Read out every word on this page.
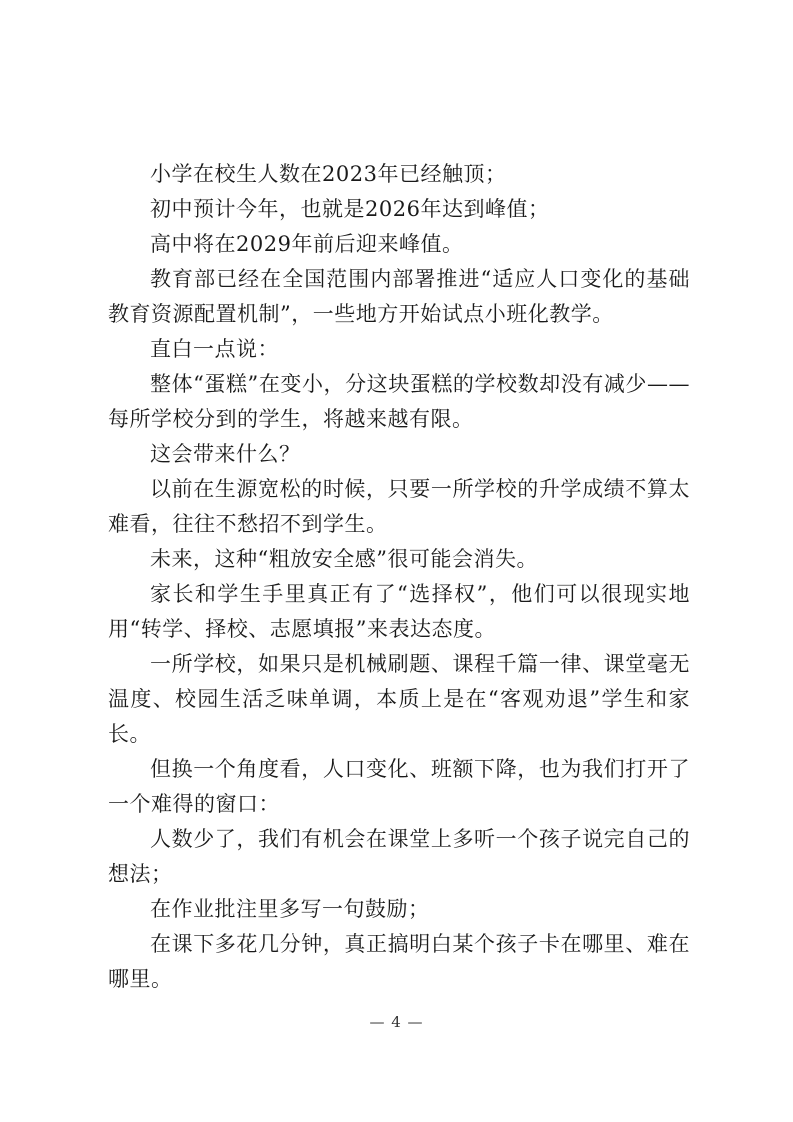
小学在校生人数在2023年已经触顶；

初中预计今年，也就是2026年达到峰值；

高中将在2029年前后迎来峰值。

教育部已经在全国范围内部署推进“适应人口变化的基础教育资源配置机制”，一些地方开始试点小班化教学。

直白一点说：

整体“蛋糕”在变小，分这块蛋糕的学校数却没有减少——每所学校分到的学生，将越来越有限。

这会带来什么？

以前在生源宽松的时候，只要一所学校的升学成绩不算太难看，往往不愁招不到学生。

未来，这种“粗放安全感”很可能会消失。

家长和学生手里真正有了“选择权”，他们可以很现实地用“转学、择校、志愿填报”来表达态度。

一所学校，如果只是机械刷题、课程千篇一律、课堂毫无温度、校园生活乏味单调，本质上是在“客观劝退”学生和家长。

但换一个角度看，人口变化、班额下降，也为我们打开了一个难得的窗口：

人数少了，我们有机会在课堂上多听一个孩子说完自己的想法；

在作业批注里多写一句鼓励；

在课下多花几分钟，真正搞明白某个孩子卡在哪里、难在哪里。

— 4 —
